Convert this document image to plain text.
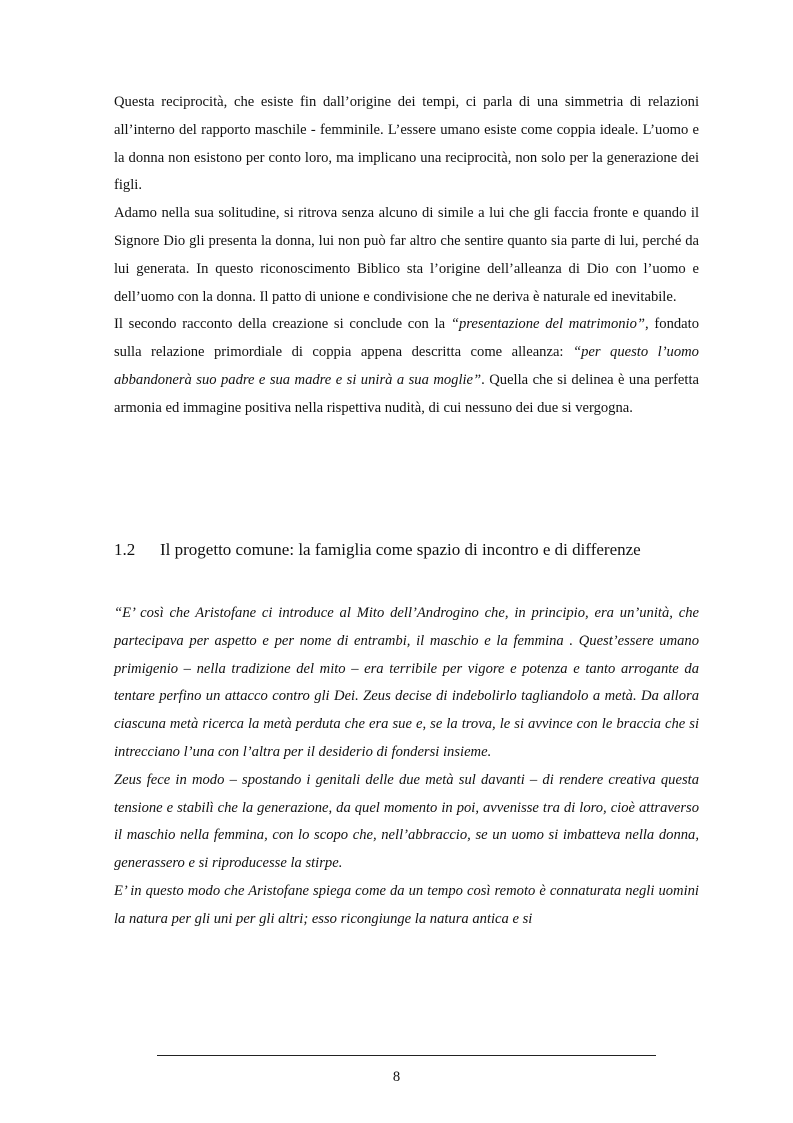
Questa reciprocità, che esiste fin dall’origine dei tempi, ci parla di una simmetria di relazioni all’interno del rapporto maschile - femminile. L’essere umano esiste come coppia ideale. L’uomo e la donna non esistono per conto loro, ma implicano una reciprocità, non solo per la generazione dei figli.

Adamo nella sua solitudine, si ritrova senza alcuno di simile a lui che gli faccia fronte e quando il Signore Dio gli presenta la donna, lui non può far altro che sentire quanto sia parte di lui, perché da lui generata. In questo riconoscimento Biblico sta l’origine dell’alleanza di Dio con l’uomo e dell’uomo con la donna. Il patto di unione e condivisione che ne deriva è naturale ed inevitabile.

Il secondo racconto della creazione si conclude con la “presentazione del matrimonio”, fondato sulla relazione primordiale di coppia appena descritta come alleanza: “per questo l’uomo abbandonerà suo padre e sua madre e si unirà a sua moglie”. Quella che si delinea è una perfetta armonia ed immagine positiva nella rispettiva nudità, di cui nessuno dei due si vergogna.

1.2 Il progetto comune: la famiglia come spazio di incontro e di differenze

“E’ così che Aristofane ci introduce al Mito dell’Androgino che, in principio, era un’unità, che partecipava per aspetto e per nome di entrambi, il maschio e la femmina . Quest’essere umano primigenio – nella tradizione del mito – era terribile per vigore e potenza e tanto arrogante da tentare perfino un attacco contro gli Dei. Zeus decise di indebolirlo tagliandolo a metà. Da allora ciascuna metà ricerca la metà perduta che era sue e, se la trova, le si avvince con le braccia che si intrecciano l’una con l’altra per il desiderio di fondersi insieme.

Zeus fece in modo – spostando i genitali delle due metà sul davanti – di rendere creativa questa tensione e stabilì che la generazione, da quel momento in poi, avvenisse tra di loro, cioè attraverso il maschio nella femmina, con lo scopo che, nell’abbraccio, se un uomo si imbatteva nella donna, generassero e si riproducesse la stirpe.

E’ in questo modo che Aristofane spiega come da un tempo così remoto è connaturata negli uomini la natura per gli uni per gli altri; esso ricongiunge la natura antica e si

8
